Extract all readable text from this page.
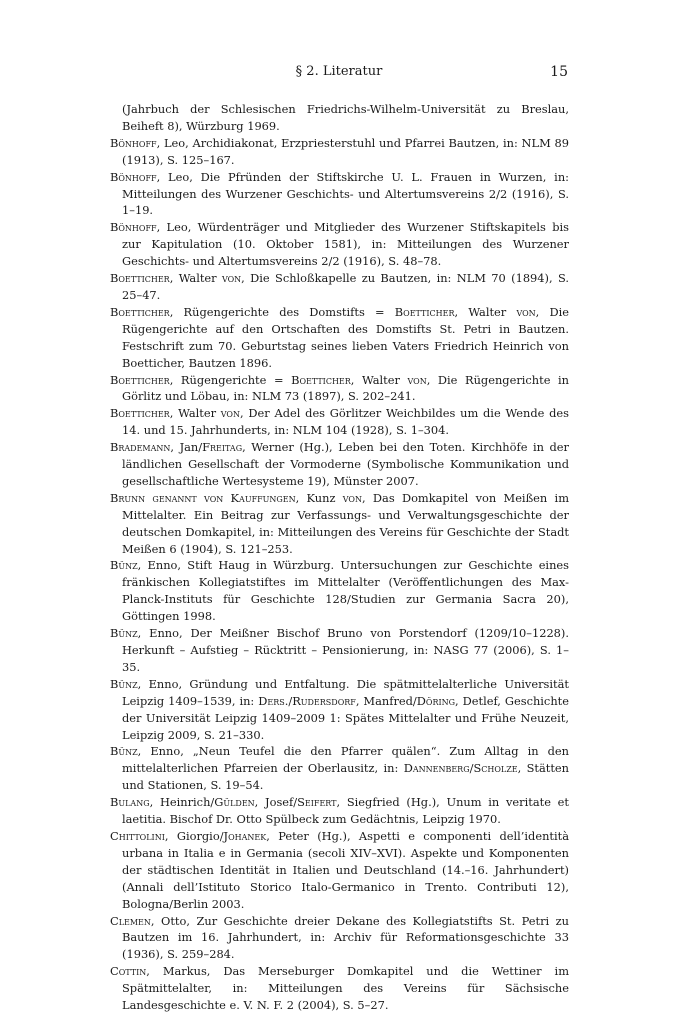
§ 2. Literatur	15

(Jahrbuch der Schlesischen Friedrichs-Wilhelm-Universität zu Breslau, Beiheft 8), Würzburg 1969.

Bönhoff, Leo, Archidiakonat, Erzpriesterstuhl und Pfarrei Bautzen, in: NLM 89 (1913), S. 125–167.

Bönhoff, Leo, Die Pfründen der Stiftskirche U. L. Frauen in Wurzen, in: Mitteilungen des Wurzener Geschichts- und Altertumsvereins 2/2 (1916), S. 1–19.

Bönhoff, Leo, Würdenträger und Mitglieder des Wurzener Stiftskapitels bis zur Kapitulation (10. Oktober 1581), in: Mitteilungen des Wurzener Geschichts- und Altertumsvereins 2/2 (1916), S. 48–78.

Boetticher, Walter von, Die Schloßkapelle zu Bautzen, in: NLM 70 (1894), S. 25–47.

Boetticher, Rügengerichte des Domstifts = Boetticher, Walter von, Die Rügengerichte auf den Ortschaften des Domstifts St. Petri in Bautzen. Festschrift zum 70. Geburtstag seines lieben Vaters Friedrich Heinrich von Boetticher, Bautzen 1896.

Boetticher, Rügengerichte = Boetticher, Walter von, Die Rügengerichte in Görlitz und Löbau, in: NLM 73 (1897), S. 202–241.

Boetticher, Walter von, Der Adel des Görlitzer Weichbildes um die Wende des 14. und 15. Jahrhunderts, in: NLM 104 (1928), S. 1–304.

Brademann, Jan/Freitag, Werner (Hg.), Leben bei den Toten. Kirchhöfe in der ländlichen Gesellschaft der Vormoderne (Symbolische Kommunikation und gesellschaftliche Wertesysteme 19), Münster 2007.

Brunn genannt von Kauffungen, Kunz von, Das Domkapitel von Meißen im Mittelalter. Ein Beitrag zur Verfassungs- und Verwaltungsgeschichte der deutschen Domkapitel, in: Mitteilungen des Vereins für Geschichte der Stadt Meißen 6 (1904), S. 121–253.

Bünz, Enno, Stift Haug in Würzburg. Untersuchungen zur Geschichte eines fränkischen Kollegiatstiftes im Mittelalter (Veröffentlichungen des Max-Planck-Instituts für Geschichte 128/Studien zur Germania Sacra 20), Göttingen 1998.

Bünz, Enno, Der Meißner Bischof Bruno von Porstendorf (1209/10–1228). Herkunft – Aufstieg – Rücktritt – Pensionierung, in: NASG 77 (2006), S. 1–35.

Bünz, Enno, Gründung und Entfaltung. Die spätmittelalterliche Universität Leipzig 1409–1539, in: Ders./Rudersdorf, Manfred/Döring, Detlef, Geschichte der Universität Leipzig 1409–2009 1: Spätes Mittelalter und Frühe Neuzeit, Leipzig 2009, S. 21–330.

Bünz, Enno, „Neun Teufel die den Pfarrer quälen“. Zum Alltag in den mittelalterlichen Pfarreien der Oberlausitz, in: Dannenberg/Scholze, Stätten und Stationen, S. 19–54.

Bulang, Heinrich/Gülden, Josef/Seifert, Siegfried (Hg.), Unum in veritate et laetitia. Bischof Dr. Otto Spülbeck zum Gedächtnis, Leipzig 1970.

Chittolini, Giorgio/Johanek, Peter (Hg.), Aspetti e componenti dell’identità urbana in Italia e in Germania (secoli XIV–XVI). Aspekte und Komponenten der städtischen Identität in Italien und Deutschland (14.–16. Jahrhundert) (Annali dell’Istituto Storico Italo-Germanico in Trento. Contributi 12), Bologna/Berlin 2003.

Clemen, Otto, Zur Geschichte dreier Dekane des Kollegiatstifts St. Petri zu Bautzen im 16. Jahrhundert, in: Archiv für Reformationsgeschichte 33 (1936), S. 259–284.

Cottin, Markus, Das Merseburger Domkapitel und die Wettiner im Spätmittelalter, in: Mitteilungen des Vereins für Sächsische Landesgeschichte e. V. N. F. 2 (2004), S. 5–27.
